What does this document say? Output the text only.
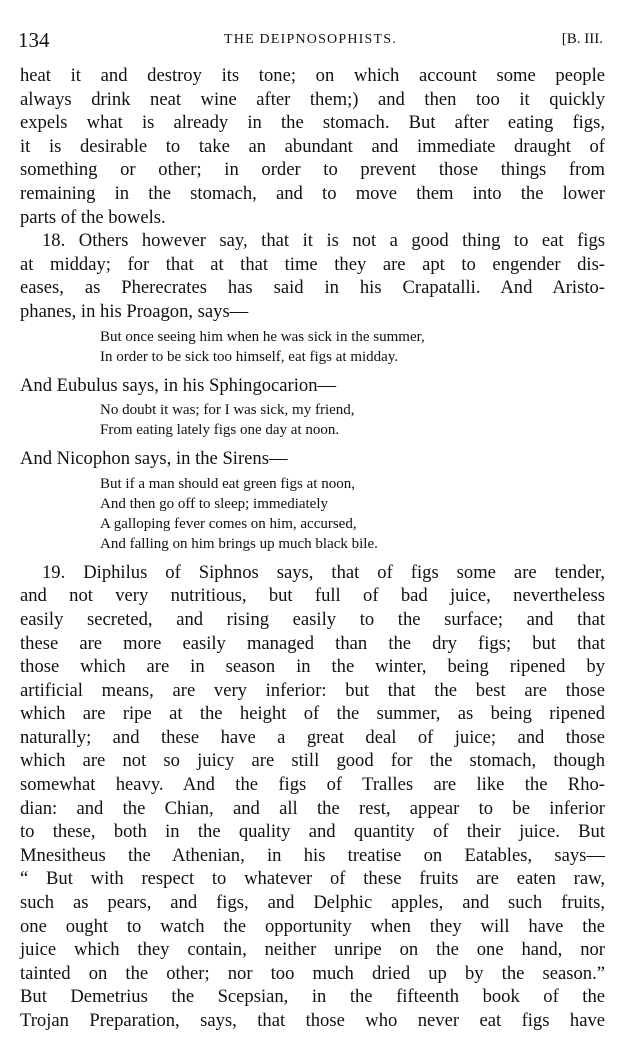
134	THE DEIPNOSOPHISTS.	[B. III.
heat it and destroy its tone; on which account some people
always drink neat wine after them;) and then too it quickly
expels what is already in the stomach. But after eating figs,
it is desirable to take an abundant and immediate draught of
something or other; in order to prevent those things from
remaining in the stomach, and to move them into the lower
parts of the bowels.
18. Others however say, that it is not a good thing to eat figs
at midday; for that at that time they are apt to engender dis-
eases, as Pherecrates has said in his Crapatalli. And Aristo-
phanes, in his Proagon, says—
But once seeing him when he was sick in the summer,
In order to be sick too himself, eat figs at midday.
And Eubulus says, in his Sphingocarion—
No doubt it was; for I was sick, my friend,
From eating lately figs one day at noon.
And Nicophon says, in the Sirens—
But if a man should eat green figs at noon,
And then go off to sleep; immediately
A galloping fever comes on him, accursed,
And falling on him brings up much black bile.
19. Diphilus of Siphnos says, that of figs some are tender,
and not very nutritious, but full of bad juice, nevertheless
easily secreted, and rising easily to the surface; and that
these are more easily managed than the dry figs; but that
those which are in season in the winter, being ripened by
artificial means, are very inferior: but that the best are those
which are ripe at the height of the summer, as being ripened
naturally; and these have a great deal of juice; and those
which are not so juicy are still good for the stomach, though
somewhat heavy. And the figs of Tralles are like the Rho-
dian: and the Chian, and all the rest, appear to be inferior
to these, both in the quality and quantity of their juice. But
Mnesitheus the Athenian, in his treatise on Eatables, says—
“ But with respect to whatever of these fruits are eaten raw,
such as pears, and figs, and Delphic apples, and such fruits,
one ought to watch the opportunity when they will have the
juice which they contain, neither unripe on the one hand, nor
tainted on the other; nor too much dried up by the season.”
But Demetrius the Scepsian, in the fifteenth book of the
Trojan Preparation, says, that those who never eat figs have
